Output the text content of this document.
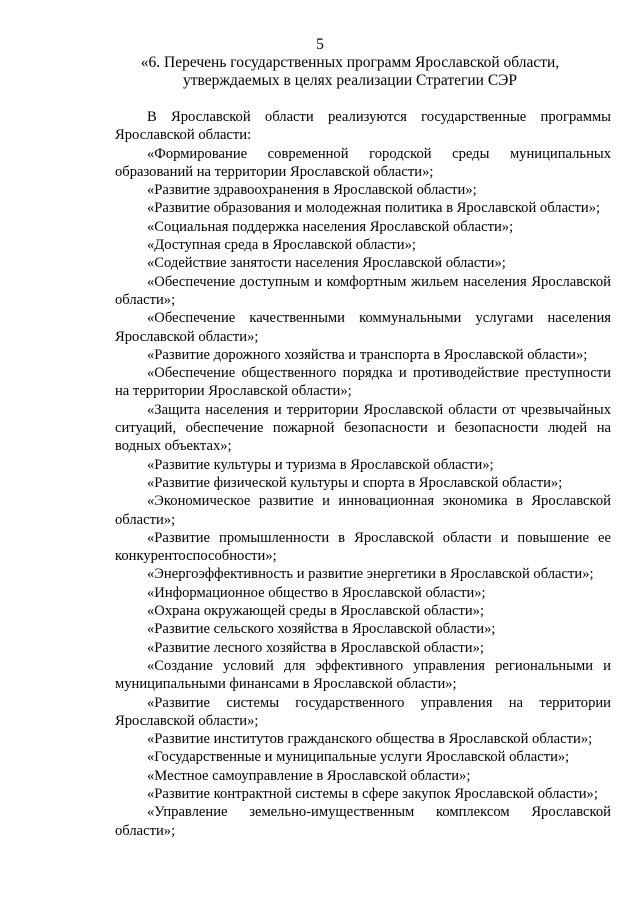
5
«6. Перечень государственных программ Ярославской области,
утверждаемых в целях реализации Стратегии СЭР

В Ярославской области реализуются государственные программы Ярославской области:

«Формирование современной городской среды муниципальных образований на территории Ярославской области»;

«Развитие здравоохранения в Ярославской области»;

«Развитие образования и молодежная политика в Ярославской области»;

«Социальная поддержка населения Ярославской области»;

«Доступная среда в Ярославской области»;

«Содействие занятости населения Ярославской области»;

«Обеспечение доступным и комфортным жильем населения Ярославской области»;

«Обеспечение качественными коммунальными услугами населения Ярославской области»;

«Развитие дорожного хозяйства и транспорта в Ярославской области»;

«Обеспечение общественного порядка и противодействие преступности на территории Ярославской области»;

«Защита населения и территории Ярославской области от чрезвычайных ситуаций, обеспечение пожарной безопасности и безопасности людей на водных объектах»;

«Развитие культуры и туризма в Ярославской области»;

«Развитие физической культуры и спорта в Ярославской области»;

«Экономическое развитие и инновационная экономика в Ярославской области»;

«Развитие промышленности в Ярославской области и повышение ее конкурентоспособности»;

«Энергоэффективность и развитие энергетики в Ярославской области»;

«Информационное общество в Ярославской области»;

«Охрана окружающей среды в Ярославской области»;

«Развитие сельского хозяйства в Ярославской области»;

«Развитие лесного хозяйства в Ярославской области»;

«Создание условий для эффективного управления региональными и муниципальными финансами в Ярославской области»;

«Развитие системы государственного управления на территории Ярославской области»;

«Развитие институтов гражданского общества в Ярославской области»;

«Государственные и муниципальные услуги Ярославской области»;

«Местное самоуправление в Ярославской области»;

«Развитие контрактной системы в сфере закупок Ярославской области»;

«Управление земельно-имущественным комплексом Ярославской области»;
